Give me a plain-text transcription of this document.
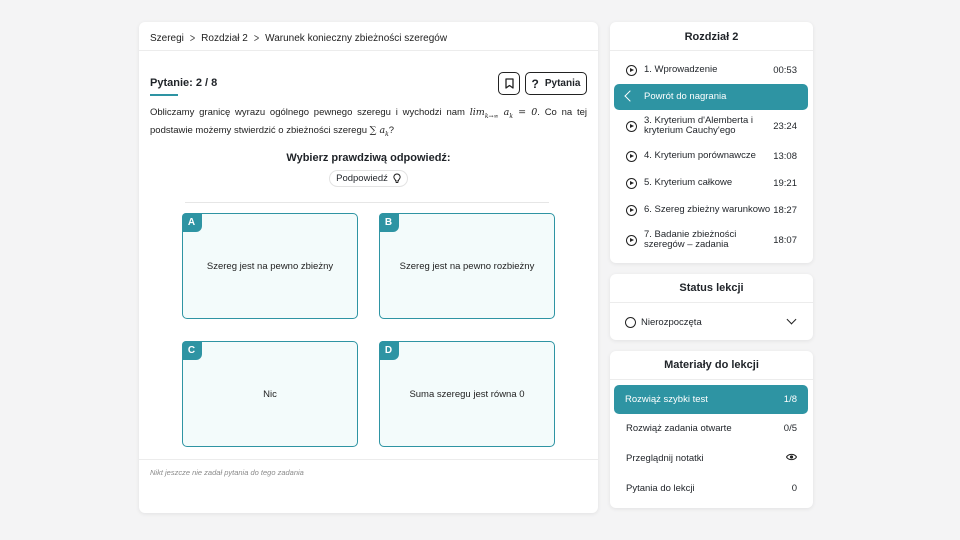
Szeregi > Rozdział 2 > Warunek konieczny zbieżności szeregów
Pytanie: 2 / 8	? Pytania
Obliczamy granicę wyrazu ogólnego pewnego szeregu i wychodzi nam $\lim_{k\to\infty} a_k = 0$. Co na tej podstawie możemy stwierdzić o zbieżności szeregu ∑ $a_k$?
Wybierz prawdziwą odpowiedź:
Podpowiedź
A
Szereg jest na pewno zbieżny
B
Szereg jest na pewno rozbieżny
C
Nic
D
Suma szeregu jest równa 0
Nikt jeszcze nie zadał pytania do tego zadania
Rozdział 2
1. Wprowadzenie	00:53
Powrót do nagrania
3. Kryterium d'Alemberta i kryterium Cauchy'ego	23:24
4. Kryterium porównawcze	13:08
5. Kryterium całkowe	19:21
6. Szereg zbieżny warunkowo 18:27
7. Badanie zbieżności szeregów – zadania	18:07
Status lekcji
Nierozpoczęta
Materiały do lekcji
Rozwiąż szybki test	1/8
Rozwiąż zadania otwarte	0/5
Przeglądnij notatki
Pytania do lekcji	0
